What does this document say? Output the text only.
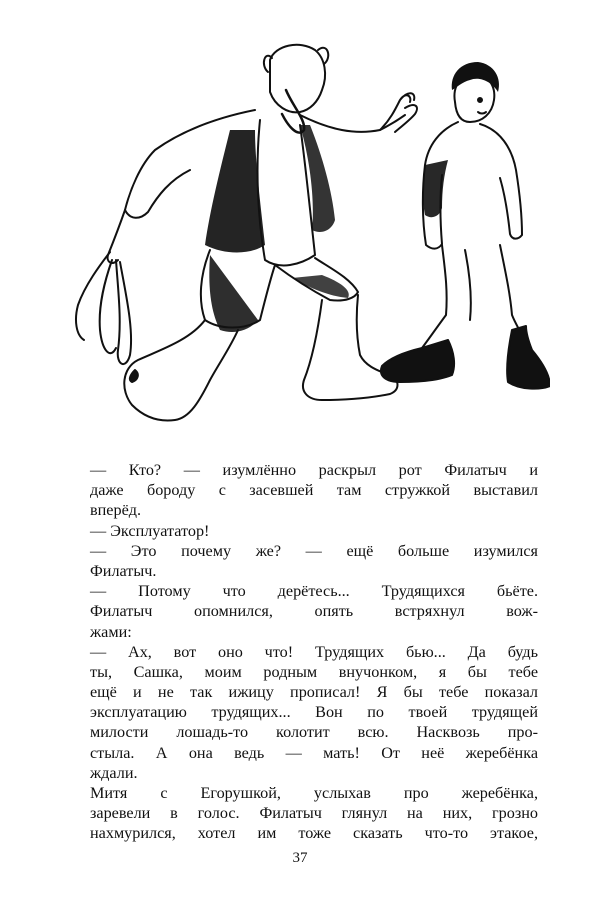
— Кто? — изумлённо раскрыл рот Филатыч и
даже бороду с засевшей там стружкой выставил
вперёд.
— Эксплуататор!
— Это почему же? — ещё больше изумился
Филатыч.
— Потому что дерётесь... Трудящихся бьёте.
Филатыч опомнился, опять встряхнул вож-
жами:
— Ах, вот оно что! Трудящих бью... Да будь
ты, Сашка, моим родным внучонком, я бы тебе
ещё и не так ижицу прописал! Я бы тебе показал
эксплуатацию трудящих... Вон по твоей трудящей
милости лошадь-то колотит всю. Насквозь про-
стыла. А она ведь — мать! От неё жеребёнка
ждали.
Митя с Егорушкой, услыхав про жеребёнка,
заревели в голос. Филатыч глянул на них, грозно
нахмурился, хотел им тоже сказать что-то этакое,
37
